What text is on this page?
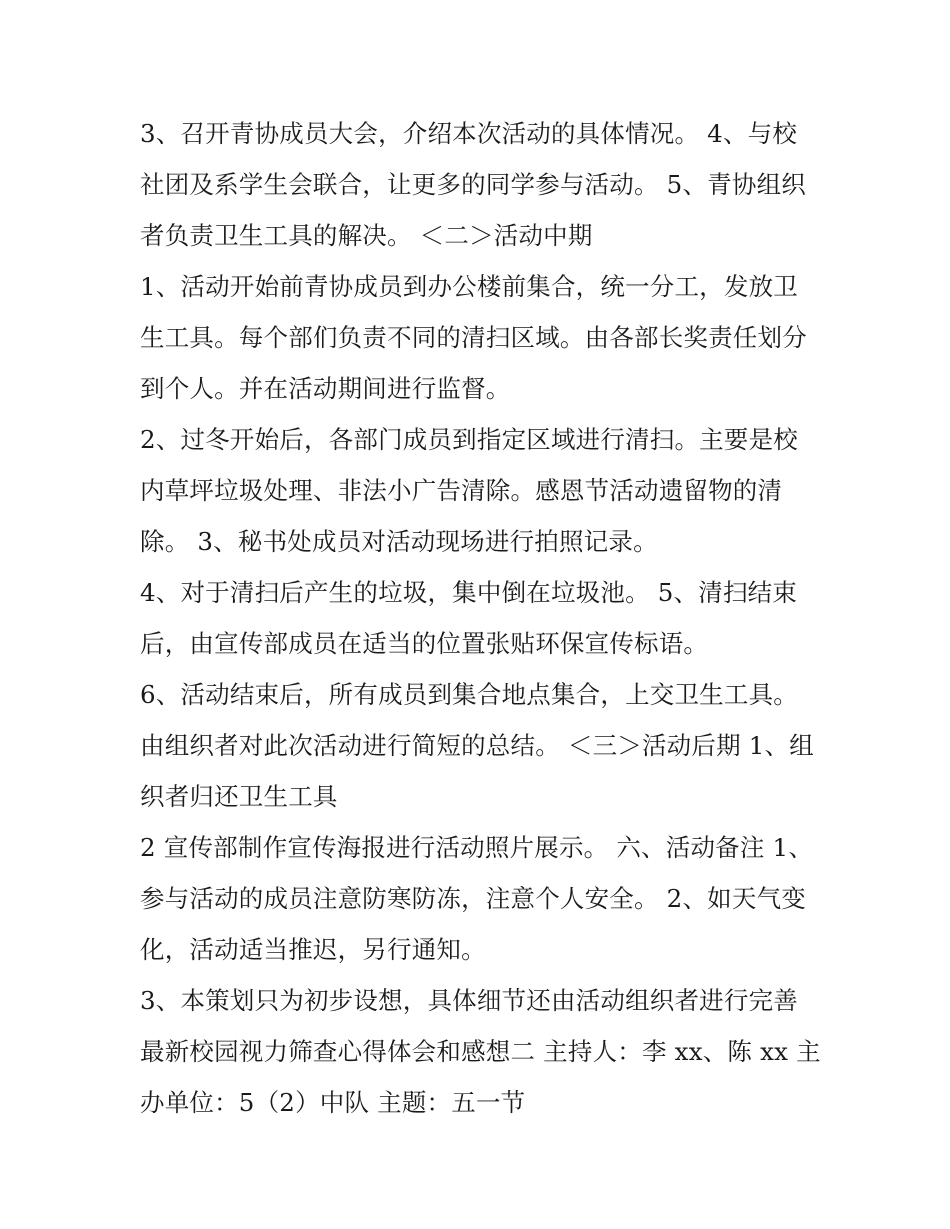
3、召开青协成员大会，介绍本次活动的具体情况。 4、与校
社团及系学生会联合，让更多的同学参与活动。 5、青协组织
者负责卫生工具的解决。 ＜二＞活动中期
1、活动开始前青协成员到办公楼前集合，统一分工，发放卫
生工具。每个部们负责不同的清扫区域。由各部长奖责任划分
到个人。并在活动期间进行监督。
2、过冬开始后，各部门成员到指定区域进行清扫。主要是校
内草坪垃圾处理、非法小广告清除。感恩节活动遗留物的清
除。 3、秘书处成员对活动现场进行拍照记录。
4、对于清扫后产生的垃圾，集中倒在垃圾池。 5、清扫结束
后，由宣传部成员在适当的位置张贴环保宣传标语。
6、活动结束后，所有成员到集合地点集合，上交卫生工具。
由组织者对此次活动进行简短的总结。 ＜三＞活动后期 1、组
织者归还卫生工具
2 宣传部制作宣传海报进行活动照片展示。 六、活动备注 1、
参与活动的成员注意防寒防冻，注意个人安全。 2、如天气变
化，活动适当推迟，另行通知。
3、本策划只为初步设想，具体细节还由活动组织者进行完善
最新校园视力筛查心得体会和感想二 主持人：李 xx、陈 xx 主
办单位：5（2）中队 主题：五一节
